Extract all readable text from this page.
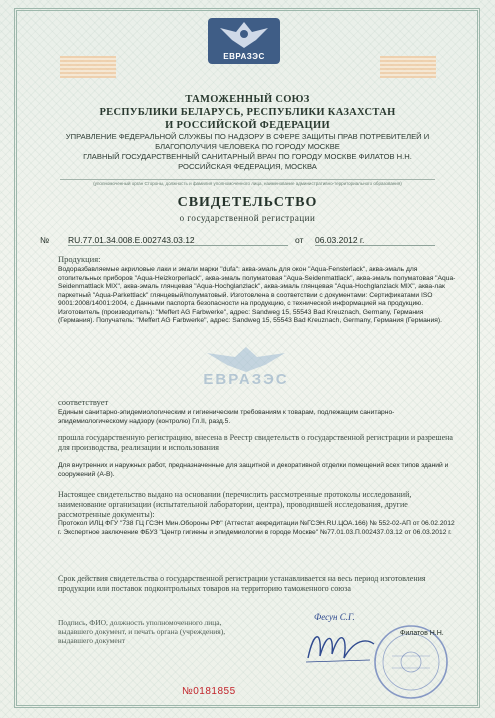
ЕВРАЗЭС
ТАМОЖЕННЫЙ СОЮЗ
РЕСПУБЛИКИ БЕЛАРУСЬ, РЕСПУБЛИКИ КАЗАХСТАН
И РОССИЙСКОЙ ФЕДЕРАЦИИ
УПРАВЛЕНИЕ ФЕДЕРАЛЬНОЙ СЛУЖБЫ ПО НАДЗОРУ В СФЕРЕ ЗАЩИТЫ ПРАВ ПОТРЕБИТЕЛЕЙ И
БЛАГОПОЛУЧИЯ ЧЕЛОВЕКА ПО ГОРОДУ МОСКВЕ
ГЛАВНЫЙ ГОСУДАРСТВЕННЫЙ САНИТАРНЫЙ ВРАЧ ПО ГОРОДУ МОСКВЕ ФИЛАТОВ Н.Н.
РОССИЙСКАЯ ФЕДЕРАЦИЯ, МОСКВА
(уполномоченный орган Стороны, должность и фамилия уполномоченного лица, наименование административно-территориального образования)
СВИДЕТЕЛЬСТВО
о государственной регистрации
№ RU.77.01.34.008.Е.002743.03.12	от 06.03.2012 г.
Продукция:
Водоразбавляемые акриловые лаки и эмали марки "dufa": аква-эмаль для окон "Aqua-Fensterlack", аква-эмаль для отопительных приборов "Aqua-Heizkorperlack", аква-эмаль полуматовая "Aqua-Seidenmattlack", аква-эмаль полуматовая "Aqua-Seidenmattlack MIX", аква-эмаль глянцевая "Aqua-Hochglanzlack", аква-эмаль глянцевая "Aqua-Hochglanzlack MIX", аква-лак паркетный "Aqua-Parkettlack" глянцевый/полуматовый. Изготовлена в соответствии с документами: Сертификатами ISO 9001:2008/14001:2004, с Данными паспорта безопасности на продукцию, с технической информацией на продукцию. Изготовитель (производитель): "Meffert AG Farbwerke", адрес: Sandweg 15, 55543 Bad Kreuznach, Germany, Германия (Германия). Получатель: "Meffert AG Farbwerke", адрес: Sandweg 15, 55543 Bad Kreuznach, Germany, Германия (Германия).
ЕВРАЗЭС
соответствует
Единым санитарно-эпидемиологическим и гигиеническим требованиям к товарам, подлежащим санитарно-эпидемиологическому надзору (контролю) Гл.II, разд.5.
прошла государственную регистрацию, внесена в Реестр свидетельств о государственной регистрации и разрешена для производства, реализации и использования
Для внутренних и наружных работ, предназначенные для защитной и декоративной отделки помещений всех типов зданий и сооружений (А-В).
Настоящее свидетельство выдано на основании (перечислить рассмотренные протоколы исследований, наименование организации (испытательной лаборатории, центра), проводившей исследования, другие рассмотренные документы):
Протокол ИЛЦ ФГУ "738 ГЦ ГСЭН Мин.Обороны РФ" (Аттестат аккредитации №ГСЭН.RU.ЦОА.166) № 552-02-АП от 06.02.2012 г. Экспертное заключение ФБУЗ "Центр гигиены и эпидемиологии в городе Москве" №77.01.03.П.002437.03.12 от 06.03.2012 г.
Срок действия свидетельства о государственной регистрации устанавливается на весь период изготовления продукции или поставок подконтрольных товаров на территорию таможенного союза
Подпись, ФИО, должность уполномоченного лица, выдавшего документ, и печать органа (учреждения), выдавшего документ
Фесун С.Г.
Филатов Н.Н.
№0181855
